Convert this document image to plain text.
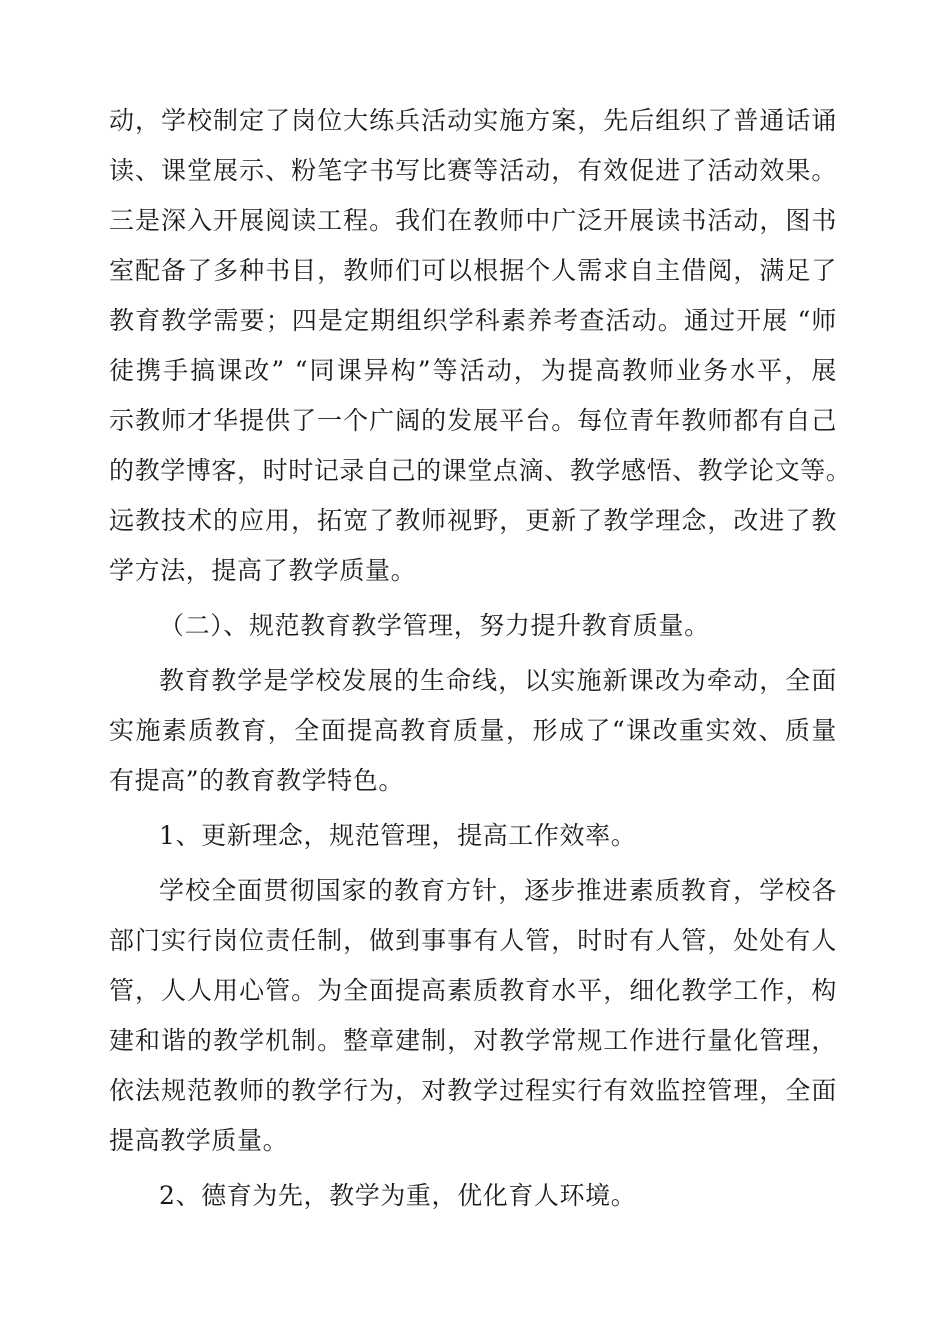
动，学校制定了岗位大练兵活动实施方案，先后组织了普通话诵
读、课堂展示、粉笔字书写比赛等活动，有效促进了活动效果。
三是深入开展阅读工程。我们在教师中广泛开展读书活动，图书
室配备了多种书目，教师们可以根据个人需求自主借阅，满足了
教育教学需要；四是定期组织学科素养考查活动。通过开展 “师
徒携手搞课改” “同课异构”等活动，为提高教师业务水平，展
示教师才华提供了一个广阔的发展平台。每位青年教师都有自己
的教学博客，时时记录自己的课堂点滴、教学感悟、教学论文等。
远教技术的应用，拓宽了教师视野，更新了教学理念，改进了教
学方法，提高了教学质量。
（二）、规范教育教学管理，努力提升教育质量。
教育教学是学校发展的生命线，以实施新课改为牵动，全面
实施素质教育，全面提高教育质量，形成了“课改重实效、质量
有提高”的教育教学特色。
1、更新理念，规范管理，提高工作效率。
学校全面贯彻国家的教育方针，逐步推进素质教育，学校各
部门实行岗位责任制，做到事事有人管，时时有人管，处处有人
管，人人用心管。为全面提高素质教育水平，细化教学工作，构
建和谐的教学机制。整章建制，对教学常规工作进行量化管理，
依法规范教师的教学行为，对教学过程实行有效监控管理，全面
提高教学质量。
2、德育为先，教学为重，优化育人环境。
